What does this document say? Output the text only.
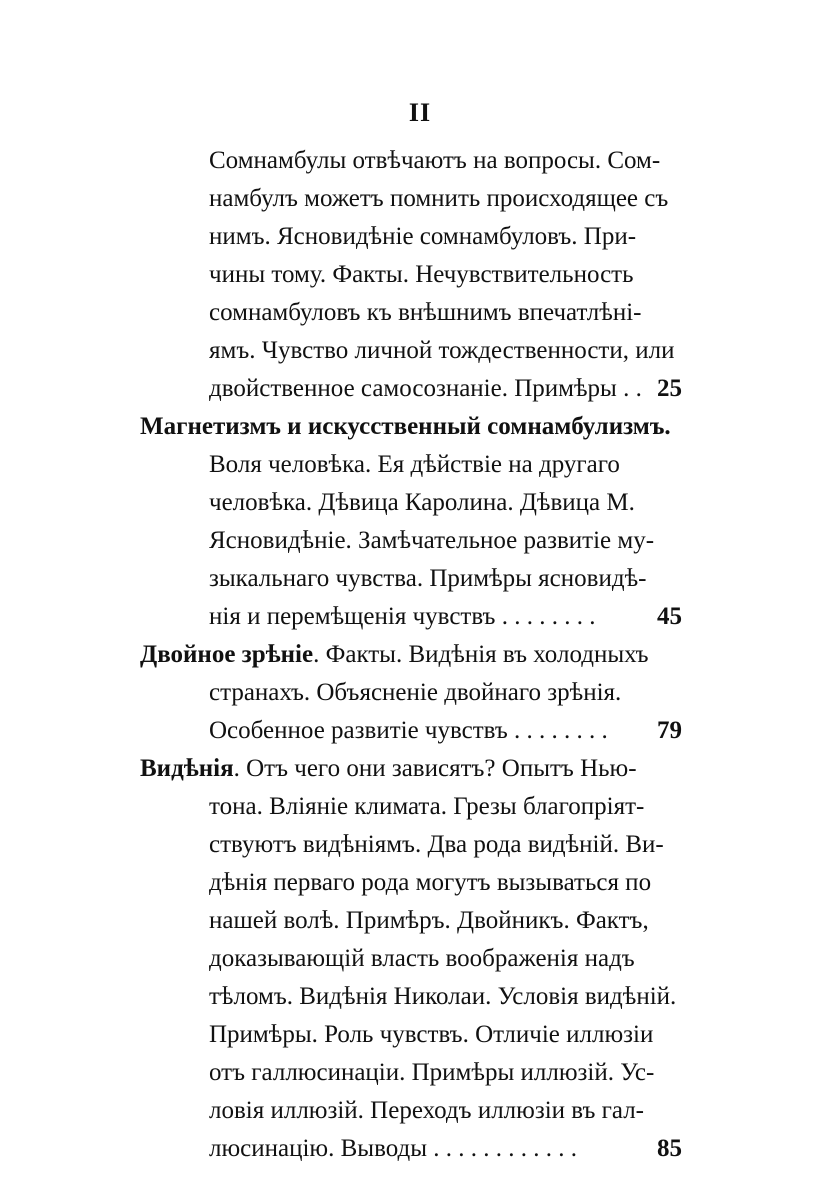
II
Сомнамбулы отвѣчаютъ на вопросы. Сом-
намбулъ можетъ помнить происходящее съ
нимъ. Ясновидѣніе сомнамбуловъ. При-
чины тому. Факты. Нечувствительность
сомнамбуловъ къ внѣшнимъ впечатлѣні-
ямъ. Чувство личной тождественности, или
двойственное самосознаніе. Примѣры . . 25
Магнетизмъ и искусственный сомнамбулизмъ.
Воля человѣка. Ея дѣйствіе на другаго
человѣка. Дѣвица Каролина. Дѣвица М.
Ясновидѣніе. Замѣчательное развитіе му-
зыкальнаго чувства. Примѣры ясновидѣ-
нія и перемѣщенія чувствъ . . . . . . . .	45
Двойное зрѣніе. Факты. Видѣнія въ холодныхъ
странахъ. Объясненіе двойнаго зрѣнія.
Особенное развитіе чувствъ . . . . . . . .	79
Видѣнія. Отъ чего они зависятъ? Опытъ Нью-
тона. Вліяніе климата. Грезы благопріят-
ствуютъ видѣніямъ. Два рода видѣній. Ви-
дѣнія перваго рода могутъ вызываться по
нашей волѣ. Примѣръ. Двойникъ. Фактъ,
доказывающій власть воображенія надъ
тѣломъ. Видѣнія Николаи. Условія видѣній.
Примѣры. Роль чувствъ. Отличіе иллюзіи
отъ галлюсинаціи. Примѣры иллюзій. Ус-
ловія иллюзій. Переходъ иллюзіи въ гал-
люсинацію. Выводы . . . . . . . . . . . .	85
